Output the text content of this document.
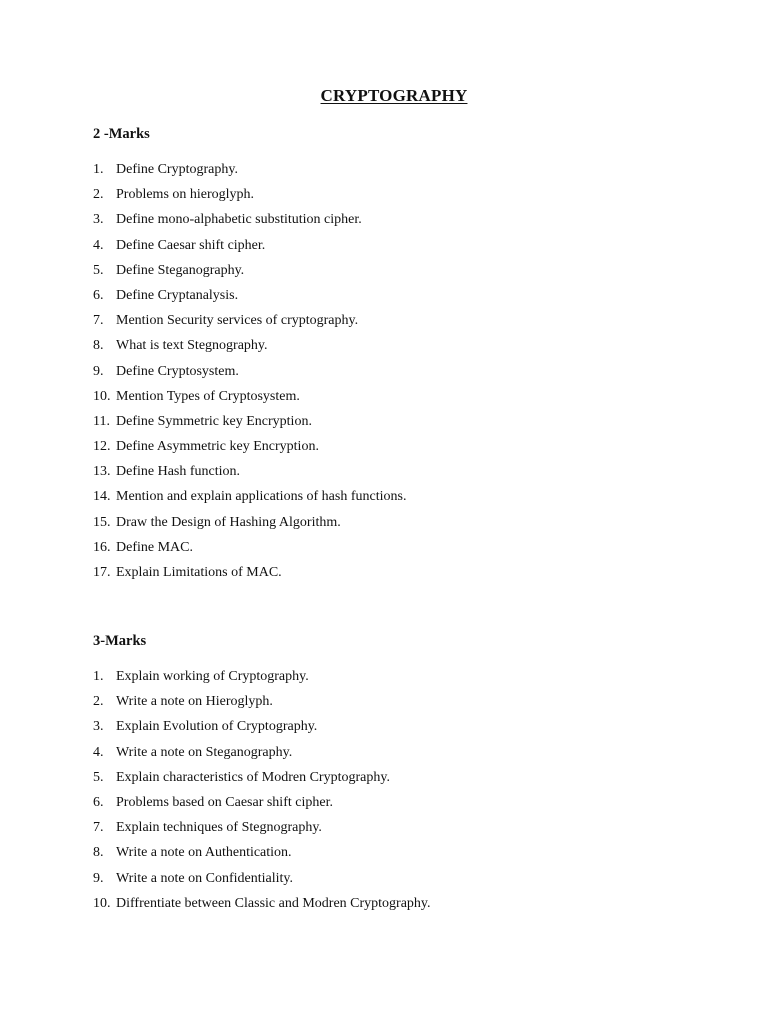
CRYPTOGRAPHY
2 -Marks
1. Define Cryptography.
2. Problems on hieroglyph.
3. Define mono-alphabetic substitution cipher.
4. Define Caesar shift cipher.
5. Define Steganography.
6. Define Cryptanalysis.
7. Mention Security services of cryptography.
8. What is text Stegnography.
9. Define Cryptosystem.
10. Mention Types of Cryptosystem.
11. Define Symmetric key Encryption.
12. Define Asymmetric key Encryption.
13. Define Hash function.
14. Mention and explain applications of hash functions.
15. Draw the Design of Hashing Algorithm.
16. Define MAC.
17. Explain Limitations of MAC.
3-Marks
1. Explain working of Cryptography.
2. Write a note on Hieroglyph.
3. Explain Evolution of Cryptography.
4. Write a note on Steganography.
5. Explain characteristics of Modren Cryptography.
6. Problems based on Caesar shift cipher.
7. Explain techniques of Stegnography.
8. Write a note on Authentication.
9. Write a note on Confidentiality.
10. Diffrentiate between Classic and Modren Cryptography.
